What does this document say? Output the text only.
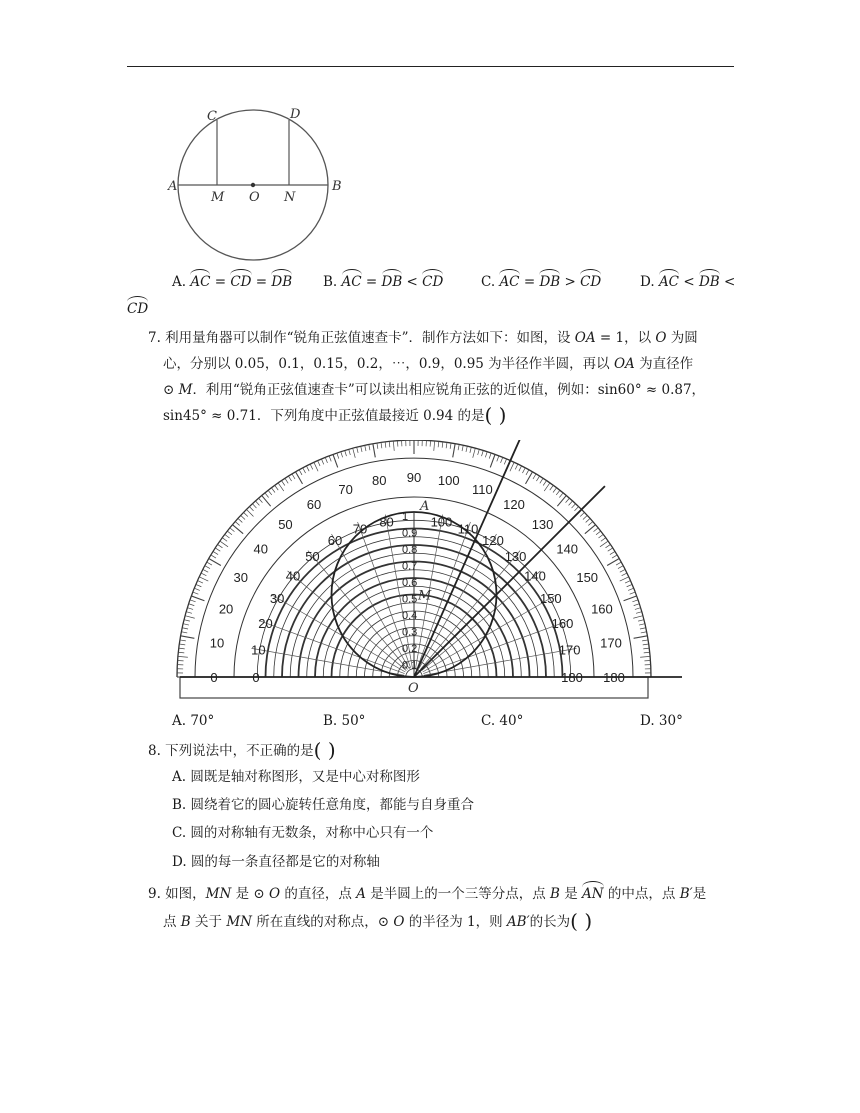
C	D
A	B
M O N
A. AC = CD = DB B. AC = DB < CD	C. AC = DB > CD	D. AC < DB <
CD
7. 利用量角器可以制作“锐角正弦值速查卡”．制作方法如下：如图，设 OA = 1，以 O 为圆
心，分别以 0.05，0.1，0.15，0.2，⋯，0.9，0.95 为半径作半圆，再以 OA 为直径作
⊙ M．利用“锐角正弦值速查卡”可以读出相应锐角正弦的近似值，例如：sin60° ≈ 0.87，
sin45° ≈ 0.71．下列角度中正弦值最接近 0.94 的是( )
0
10
20
30
40
50
60
70
80 90 100
110
120
130
140
150
160
170
180
180
170
160
150
140
130
120
110
100
80
70
60
50
40
30
20
10
0
0.1
0.2
0.3
0.4
0.5
0.6
0.7
0.8
0.9
1
A
M
O
A. 70°	B. 50°	C. 40°	D. 30°
8. 下列说法中，不正确的是( )
A. 圆既是轴对称图形，又是中心对称图形
B. 圆绕着它的圆心旋转任意角度，都能与自身重合
C. 圆的对称轴有无数条，对称中心只有一个
D. 圆的每一条直径都是它的对称轴
9. 如图，MN 是 ⊙ O 的直径，点 A 是半圆上的一个三等分点，点 B 是 AN 的中点，点 B′是
点 B 关于 MN 所在直线的对称点，⊙ O 的半径为 1，则 AB′的长为( )
